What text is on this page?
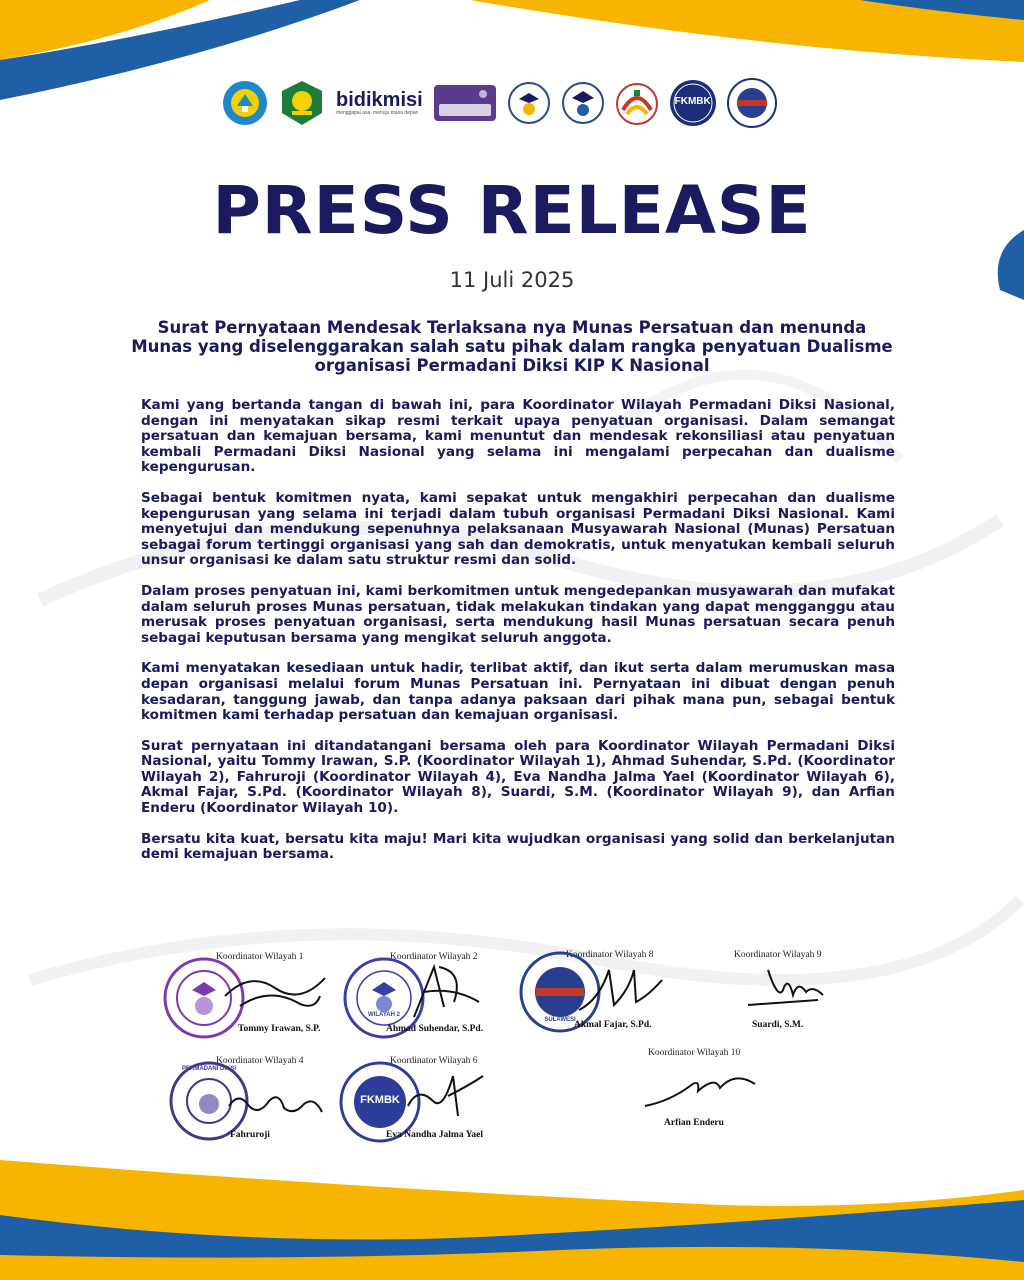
bidikmisi
menggapai asa, menuju masa depan
FKMBK
PRESS RELEASE

11 Juli 2025

Surat Pernyataan Mendesak Terlaksana nya Munas Persatuan dan menunda Munas yang diselenggarakan salah satu pihak dalam rangka penyatuan Dualisme organisasi Permadani Diksi KIP K Nasional

Kami yang bertanda tangan di bawah ini, para Koordinator Wilayah Permadani Diksi Nasional, dengan ini menyatakan sikap resmi terkait upaya penyatuan organisasi. Dalam semangat persatuan dan kemajuan bersama, kami menuntut dan mendesak rekonsiliasi atau penyatuan kembali Permadani Diksi Nasional yang selama ini mengalami perpecahan dan dualisme kepengurusan.

Sebagai bentuk komitmen nyata, kami sepakat untuk mengakhiri perpecahan dan dualisme kepengurusan yang selama ini terjadi dalam tubuh organisasi Permadani Diksi Nasional. Kami menyetujui dan mendukung sepenuhnya pelaksanaan Musyawarah Nasional (Munas) Persatuan sebagai forum tertinggi organisasi yang sah dan demokratis, untuk menyatukan kembali seluruh unsur organisasi ke dalam satu struktur resmi dan solid.

Dalam proses penyatuan ini, kami berkomitmen untuk mengedepankan musyawarah dan mufakat dalam seluruh proses Munas persatuan, tidak melakukan tindakan yang dapat mengganggu atau merusak proses penyatuan organisasi, serta mendukung hasil Munas persatuan secara penuh sebagai keputusan bersama yang mengikat seluruh anggota.

Kami menyatakan kesediaan untuk hadir, terlibat aktif, dan ikut serta dalam merumuskan masa depan organisasi melalui forum Munas Persatuan ini. Pernyataan ini dibuat dengan penuh kesadaran, tanggung jawab, dan tanpa adanya paksaan dari pihak mana pun, sebagai bentuk komitmen kami terhadap persatuan dan kemajuan organisasi.

Surat pernyataan ini ditandatangani bersama oleh para Koordinator Wilayah Permadani Diksi Nasional, yaitu Tommy Irawan, S.P. (Koordinator Wilayah 1), Ahmad Suhendar, S.Pd. (Koordinator Wilayah 2), Fahruroji (Koordinator Wilayah 4), Eva Nandha Jalma Yael (Koordinator Wilayah 6), Akmal Fajar, S.Pd. (Koordinator Wilayah 8), Suardi, S.M. (Koordinator Wilayah 9), dan Arfian Enderu (Koordinator Wilayah 10).

Bersatu kita kuat, bersatu kita maju! Mari kita wujudkan organisasi yang solid dan berkelanjutan demi kemajuan bersama.

Koordinator Wilayah 1
Tommy Irawan, S.P.
Koordinator Wilayah 2
WILAYAH 2
Ahmad Suhendar, S.Pd.
Koordinator Wilayah 8
SULAWESI
Akmal Fajar, S.Pd.
Koordinator Wilayah 9
Suardi, S.M.
Koordinator Wilayah 4
PERMADANI DIKSI
Fahruroji
Koordinator Wilayah 6
FKMBK
Eva Nandha Jalma Yael
Koordinator Wilayah 10
Arfian Enderu
